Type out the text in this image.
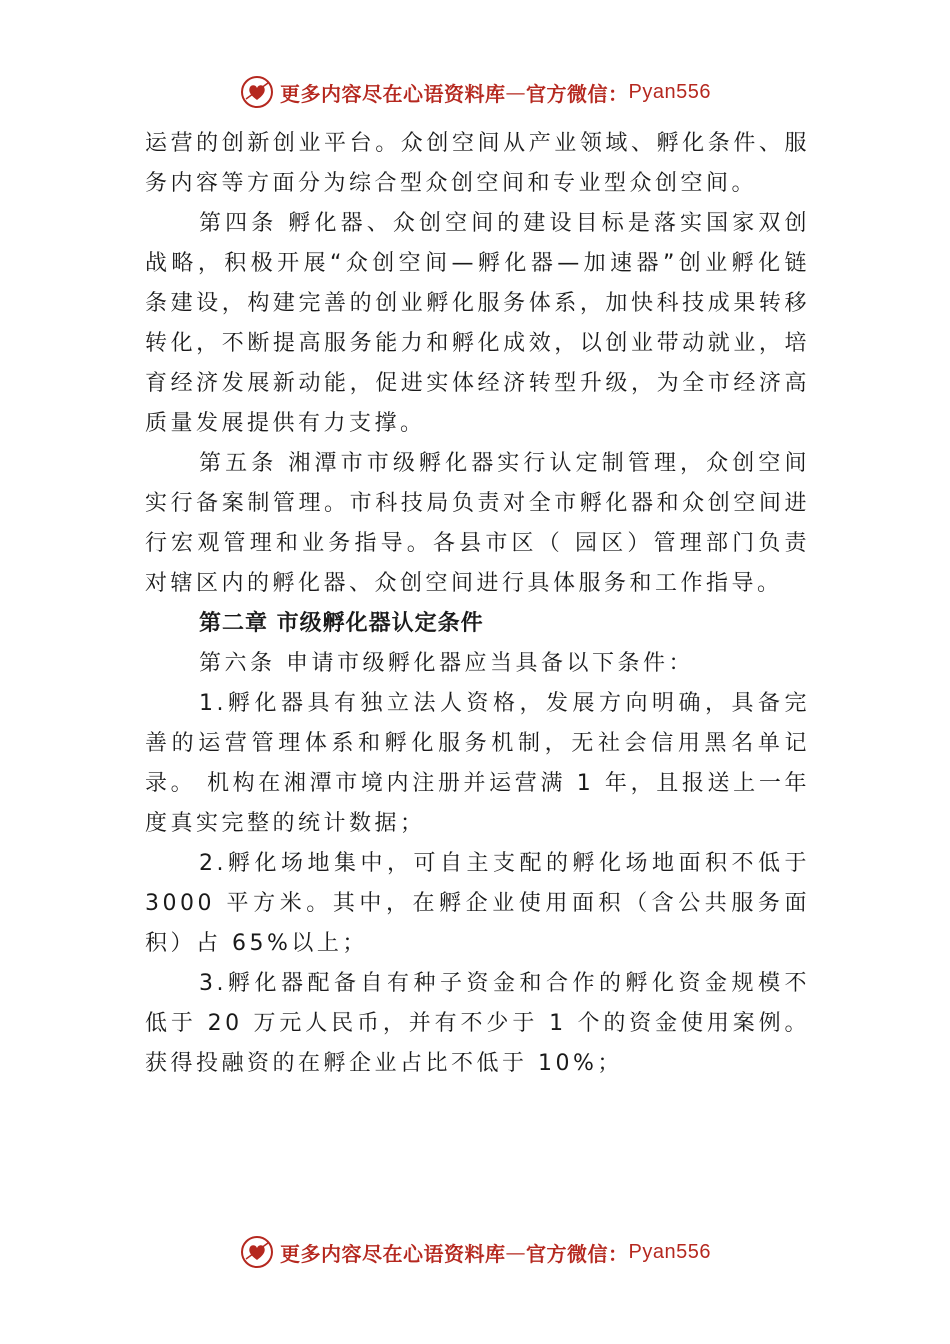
更多内容尽在心语资料库 — 官方微信： Pyan556

运营的创新创业平台。众创空间从产业领域、孵化条件、服务内容等方面分为综合型众创空间和专业型众创空间。

第四条 孵化器、众创空间的建设目标是落实国家双创战略，积极开展“众创空间—孵化器—加速器”创业孵化链条建设，构建完善的创业孵化服务体系，加快科技成果转移转化，不断提高服务能力和孵化成效，以创业带动就业，培育经济发展新动能，促进实体经济转型升级，为全市经济高质量发展提供有力支撑。

第五条 湘潭市市级孵化器实行认定制管理，众创空间实行备案制管理。市科技局负责对全市孵化器和众创空间进行宏观管理和业务指导。各县市区（ 园区）管理部门负责对辖区内的孵化器、众创空间进行具体服务和工作指导。

第二章 市级孵化器认定条件

第六条 申请市级孵化器应当具备以下条件：

1.孵化器具有独立法人资格，发展方向明确，具备完善的运营管理体系和孵化服务机制，无社会信用黑名单记录。 机构在湘潭市境内注册并运营满 1 年，且报送上一年度真实完整的统计数据；

2.孵化场地集中，可自主支配的孵化场地面积不低于 3000 平方米。其中，在孵企业使用面积（含公共服务面积）占 65%以上；

3.孵化器配备自有种子资金和合作的孵化资金规模不低于 20 万元人民币，并有不少于 1 个的资金使用案例。获得投融资的在孵企业占比不低于 10%；

更多内容尽在心语资料库 — 官方微信： Pyan556
